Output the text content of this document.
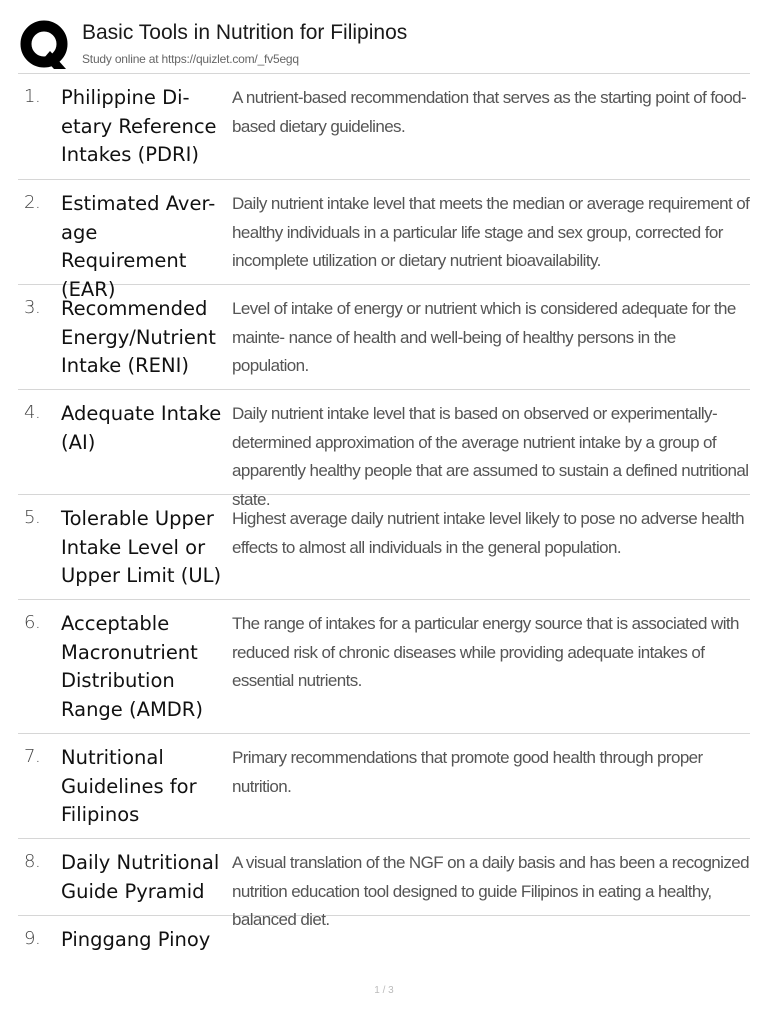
Basic Tools in Nutrition for Filipinos
Study online at https://quizlet.com/_fv5egq
1. Philippine Di- etary Reference Intakes (PDRI)
A nutrient-based recommendation that serves as the starting point of food-based dietary guidelines.
2. Estimated Aver- age Requirement (EAR)
Daily nutrient intake level that meets the median or average requirement of healthy individuals in a particular life stage and sex group, corrected for incomplete utilization or dietary nutrient bioavailability.
3. Recommended Energy/Nutrient Intake (RENI)
Level of intake of energy or nutrient which is considered adequate for the mainte- nance of health and well-being of healthy persons in the population.
4. Adequate Intake (AI)
Daily nutrient intake level that is based on observed or experimentally-determined approximation of the average nutrient intake by a group of apparently healthy people that are assumed to sustain a defined nutritional state.
5. Tolerable Upper Intake Level or Upper Limit (UL)
Highest average daily nutrient intake level likely to pose no adverse health effects to almost all individuals in the general population.
6. Acceptable Macronutrient Distribution Range (AMDR)
The range of intakes for a particular energy source that is associated with reduced risk of chronic diseases while providing adequate intakes of essential nutrients.
7. Nutritional Guidelines for Filipinos
Primary recommendations that promote good health through proper nutrition.
8. Daily Nutritional Guide Pyramid
A visual translation of the NGF on a daily basis and has been a recognized nutrition education tool designed to guide Filipinos in eating a healthy, balanced diet.
9. Pinggang Pinoy
1 / 3
